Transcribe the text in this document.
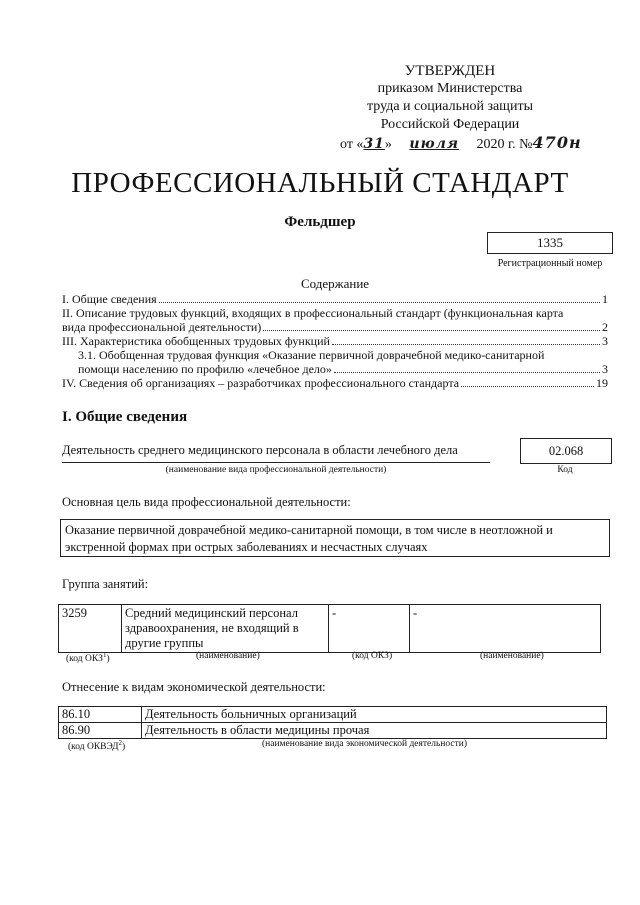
УТВЕРЖДЕН
приказом Министерства
труда и социальной защиты
Российской Федерации
от «31» июля 2020 г. №470н
ПРОФЕССИОНАЛЬНЫЙ СТАНДАРТ
Фельдшер
1335
Регистрационный номер
Содержание
I. Общие сведения	1
II. Описание трудовых функций, входящих в профессиональный стандарт (функциональная карта
вида профессиональной деятельности)	2
III. Характеристика обобщенных трудовых функций	3
3.1. Обобщенная трудовая функция «Оказание первичной доврачебной медико-санитарной
помощи населению по профилю «лечебное дело»	3
IV. Сведения об организациях – разработчиках профессионального стандарта	19
I. Общие сведения
Деятельность среднего медицинского персонала в области лечебного дела
(наименование вида профессиональной деятельности)
02.068
Код
Основная цель вида профессиональной деятельности:
Оказание первичной доврачебной медико-санитарной помощи, в том числе в неотложной и
экстренной формах при острых заболеваниях и несчастных случаях
Группа занятий:
3259	Средний медицинский персонал
здравоохранения, не входящий в
другие группы
	-	-
(код ОКЗ$^1$)	(наименование)	(код ОКЗ)	(наименование)
Отнесение к видам экономической деятельности:
86.10	Деятельность больничных организаций
86.90	Деятельность в области медицины прочая
(код ОКВЭД$^2$)	(наименование вида экономической деятельности)
